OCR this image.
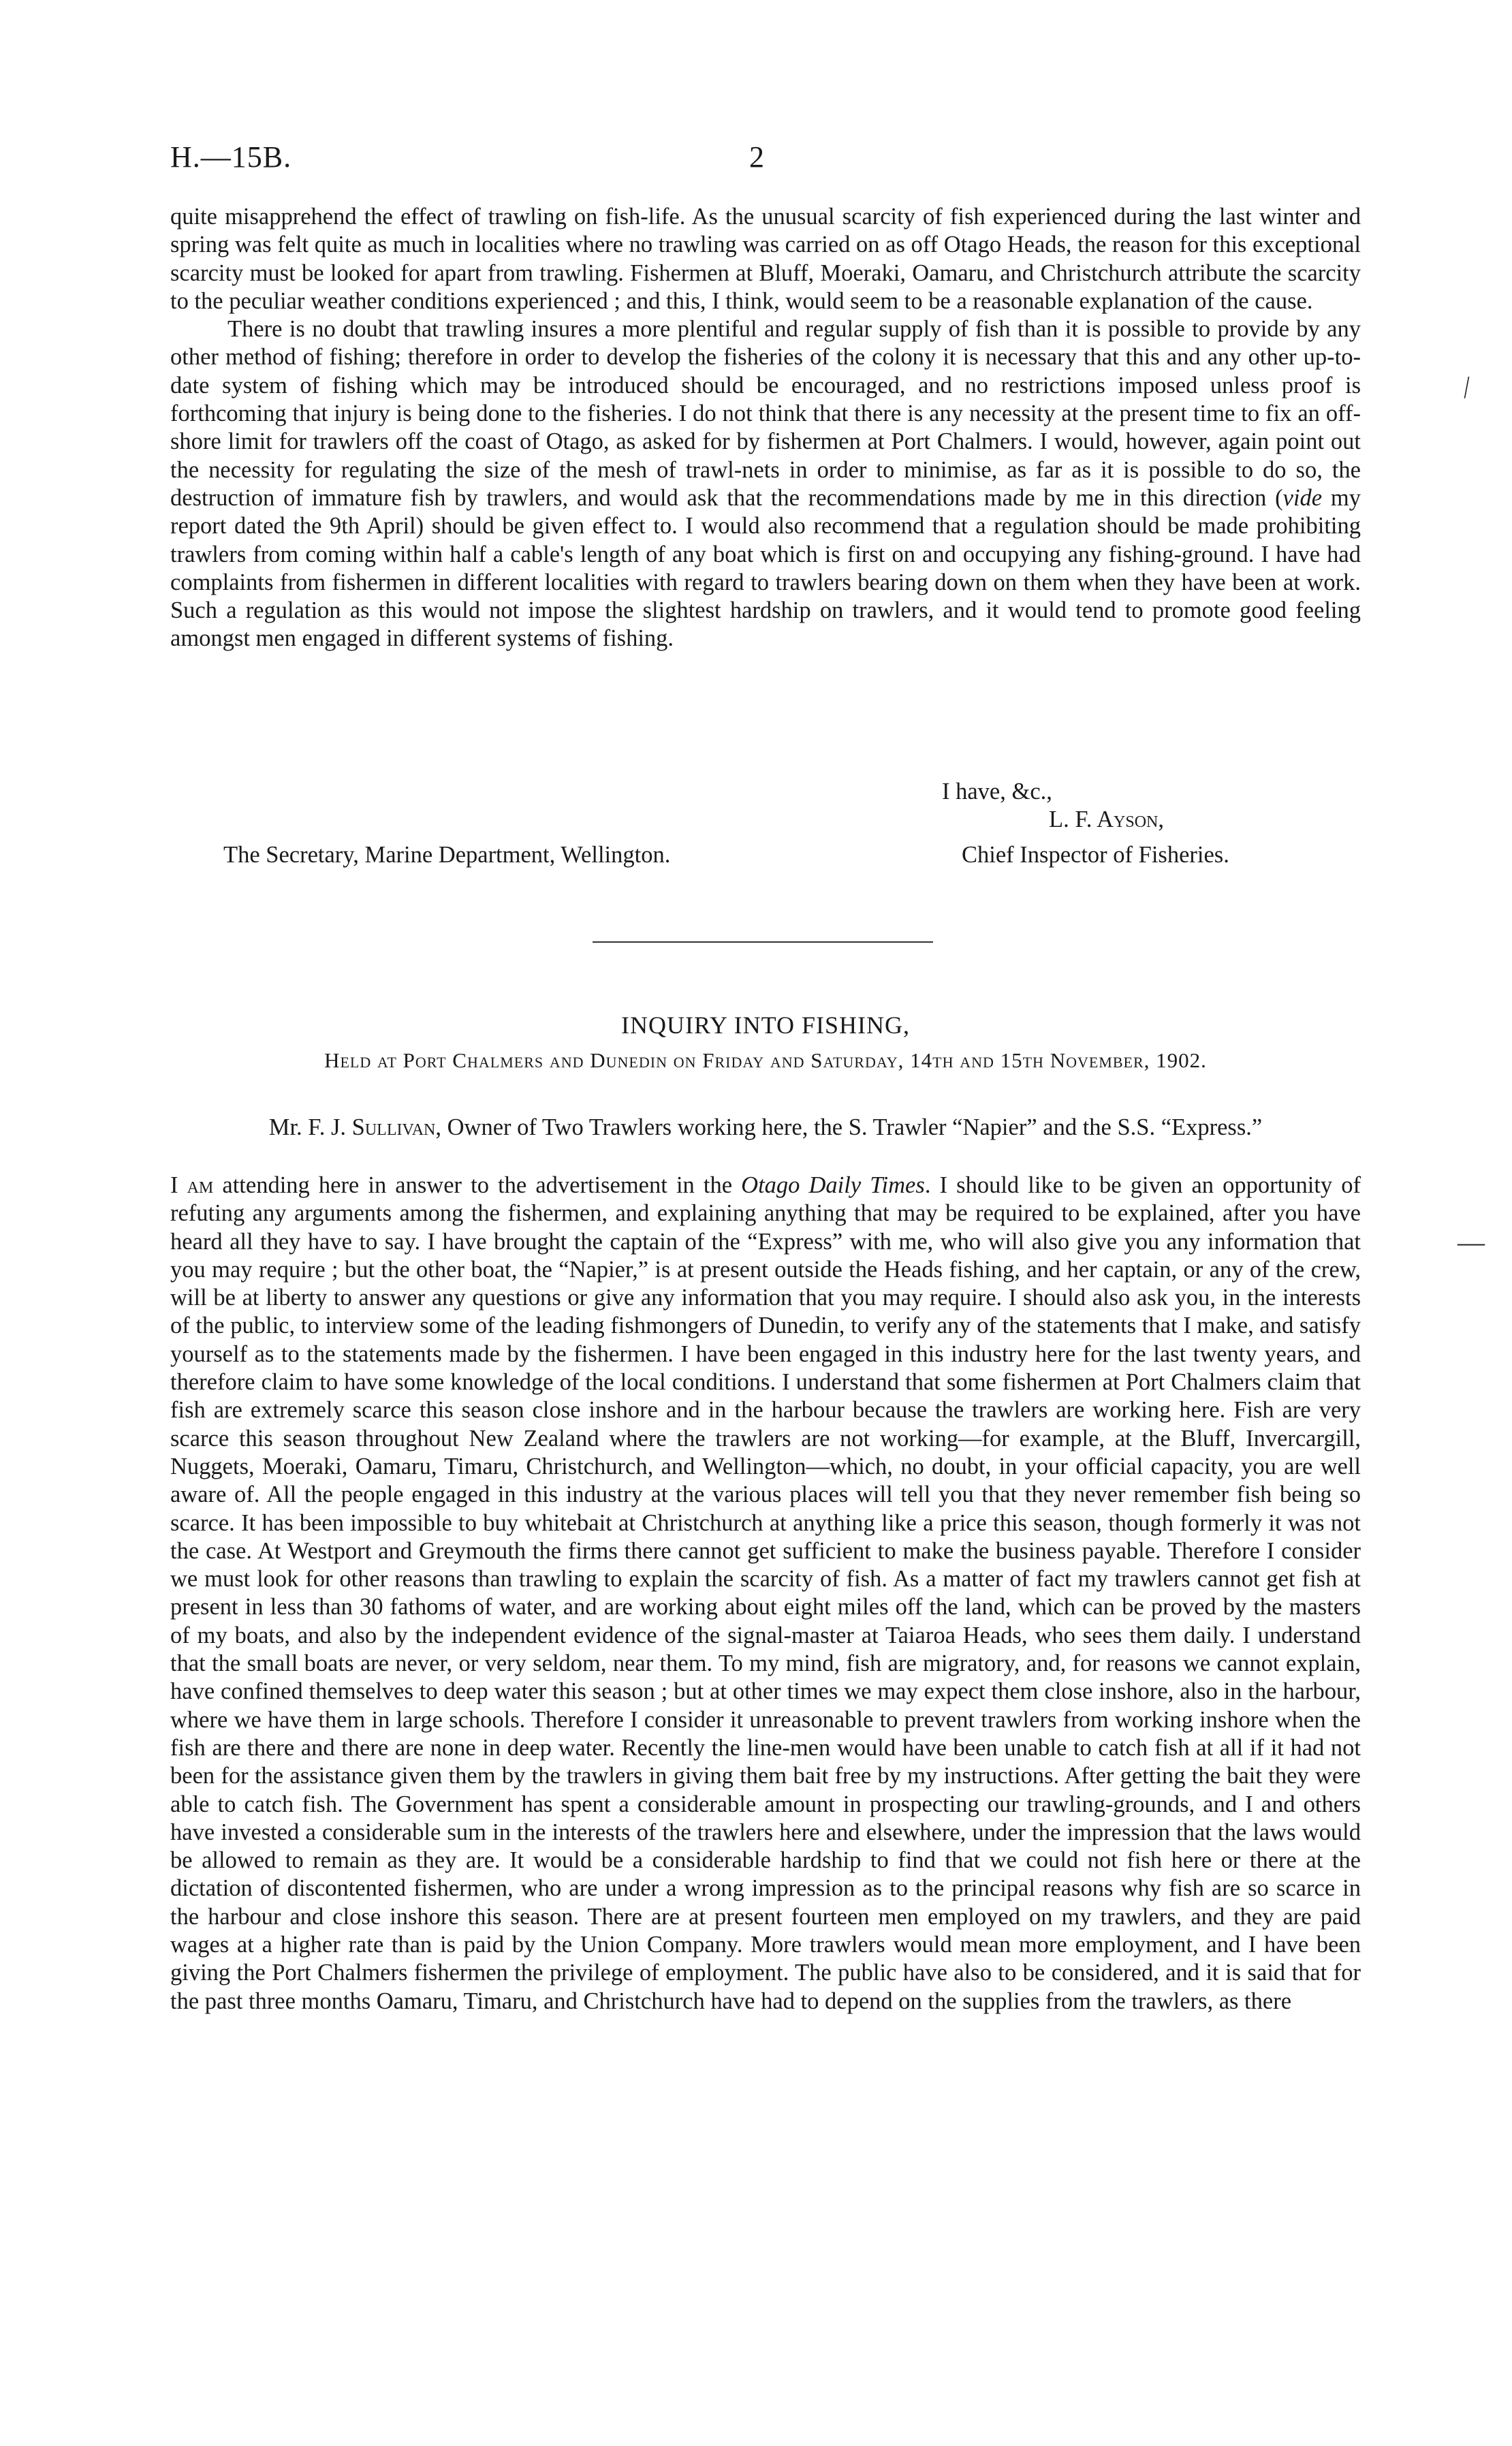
H.—15B.	2

quite misapprehend the effect of trawling on fish-life. As the unusual scarcity of fish experienced during the last winter and spring was felt quite as much in localities where no trawling was carried on as off Otago Heads, the reason for this exceptional scarcity must be looked for apart from trawling. Fishermen at Bluff, Moeraki, Oamaru, and Christchurch attribute the scarcity to the peculiar weather conditions experienced ; and this, I think, would seem to be a reasonable explanation of the cause.

There is no doubt that trawling insures a more plentiful and regular supply of fish than it is possible to provide by any other method of fishing; therefore in order to develop the fisheries of the colony it is necessary that this and any other up-to-date system of fishing which may be introduced should be encouraged, and no restrictions imposed unless proof is forthcoming that injury is being done to the fisheries. I do not think that there is any necessity at the present time to fix an off-shore limit for trawlers off the coast of Otago, as asked for by fishermen at Port Chalmers. I would, however, again point out the necessity for regulating the size of the mesh of trawl-nets in order to minimise, as far as it is possible to do so, the destruction of immature fish by trawlers, and would ask that the recommendations made by me in this direction (vide my report dated the 9th April) should be given effect to. I would also recommend that a regulation should be made prohibiting trawlers from coming within half a cable's length of any boat which is first on and occupying any fishing-ground. I have had complaints from fishermen in different localities with regard to trawlers bearing down on them when they have been at work. Such a regulation as this would not impose the slightest hardship on trawlers, and it would tend to promote good feeling amongst men engaged in different systems of fishing.

I have, &c.,
L. F. Ayson,
The Secretary, Marine Department, Wellington.	Chief Inspector of Fisheries.
INQUIRY INTO FISHING,
Held at Port Chalmers and Dunedin on Friday and Saturday, 14th and 15th November, 1902.
Mr. F. J. Sullivan, Owner of Two Trawlers working here, the S. Trawler “Napier” and the S.S. “Express.”

I am attending here in answer to the advertisement in the Otago Daily Times. I should like to be given an opportunity of refuting any arguments among the fishermen, and explaining anything that may be required to be explained, after you have heard all they have to say. I have brought the captain of the “Express” with me, who will also give you any information that you may require ; but the other boat, the “Napier,” is at present outside the Heads fishing, and her captain, or any of the crew, will be at liberty to answer any questions or give any information that you may require. I should also ask you, in the interests of the public, to interview some of the leading fishmongers of Dunedin, to verify any of the statements that I make, and satisfy yourself as to the statements made by the fishermen. I have been engaged in this industry here for the last twenty years, and therefore claim to have some knowledge of the local conditions. I understand that some fishermen at Port Chalmers claim that fish are extremely scarce this season close inshore and in the harbour because the trawlers are working here. Fish are very scarce this season throughout New Zealand where the trawlers are not working—for example, at the Bluff, Invercargill, Nuggets, Moeraki, Oamaru, Timaru, Christchurch, and Wellington—which, no doubt, in your official capacity, you are well aware of. All the people engaged in this industry at the various places will tell you that they never remember fish being so scarce. It has been impossible to buy whitebait at Christchurch at anything like a price this season, though formerly it was not the case. At Westport and Greymouth the firms there cannot get sufficient to make the business payable. Therefore I consider we must look for other reasons than trawling to explain the scarcity of fish. As a matter of fact my trawlers cannot get fish at present in less than 30 fathoms of water, and are working about eight miles off the land, which can be proved by the masters of my boats, and also by the independent evidence of the signal-master at Taiaroa Heads, who sees them daily. I understand that the small boats are never, or very seldom, near them. To my mind, fish are migratory, and, for reasons we cannot explain, have confined themselves to deep water this season ; but at other times we may expect them close inshore, also in the harbour, where we have them in large schools. Therefore I consider it unreasonable to prevent trawlers from working inshore when the fish are there and there are none in deep water. Recently the line-men would have been unable to catch fish at all if it had not been for the assistance given them by the trawlers in giving them bait free by my instructions. After getting the bait they were able to catch fish. The Government has spent a considerable amount in prospecting our trawling-grounds, and I and others have invested a considerable sum in the interests of the trawlers here and elsewhere, under the impression that the laws would be allowed to remain as they are. It would be a considerable hardship to find that we could not fish here or there at the dictation of discontented fishermen, who are under a wrong impression as to the principal reasons why fish are so scarce in the harbour and close inshore this season. There are at present fourteen men employed on my trawlers, and they are paid wages at a higher rate than is paid by the Union Company. More trawlers would mean more employment, and I have been giving the Port Chalmers fishermen the privilege of employment. The public have also to be considered, and it is said that for the past three months Oamaru, Timaru, and Christchurch have had to depend on the supplies from the trawlers, as there

⁄
—
